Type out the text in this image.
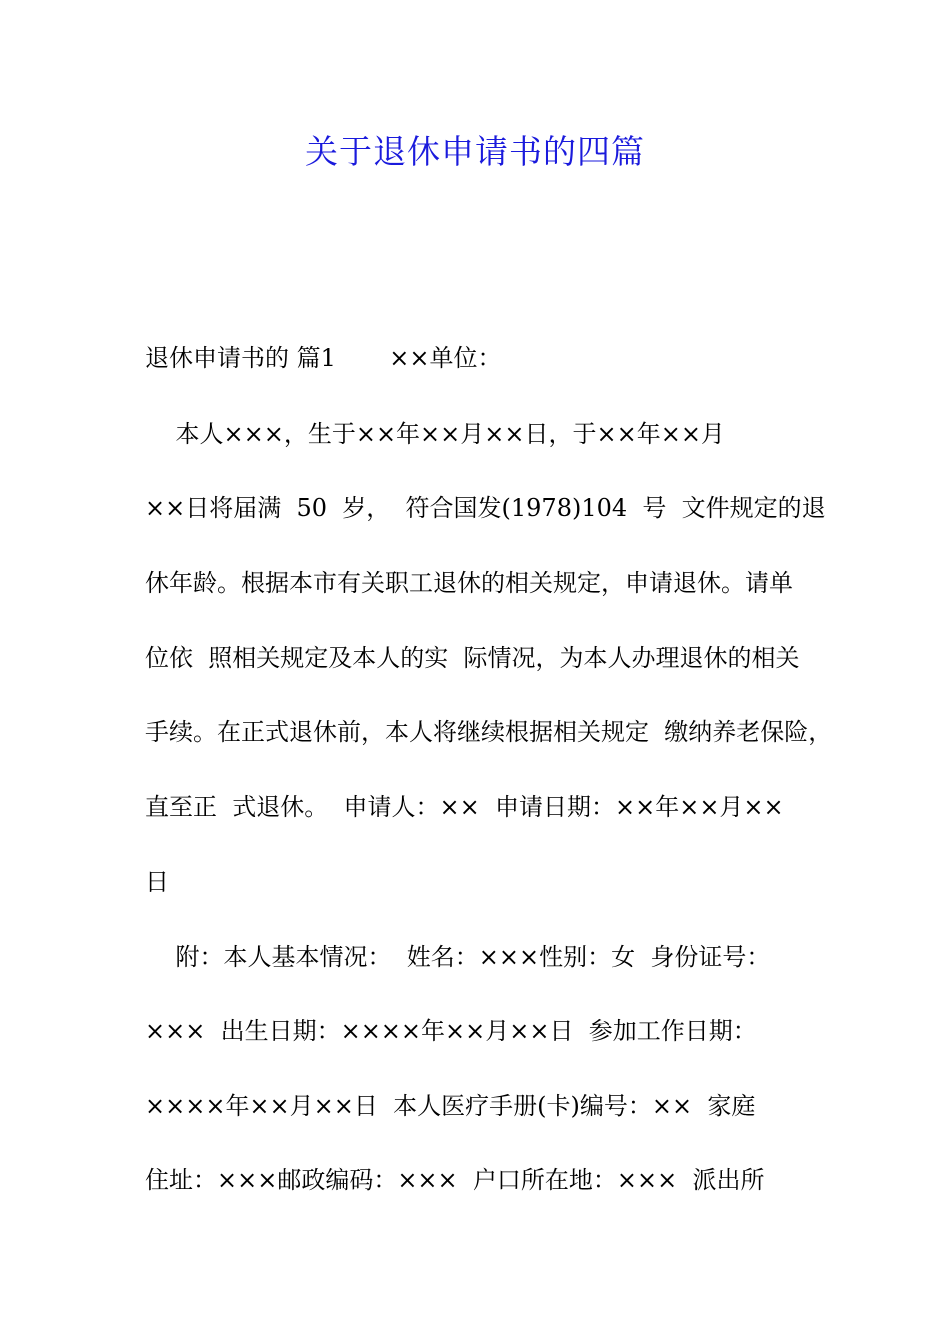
关于退休申请书的四篇

退休申请书的 篇1       ××单位：

本人×××，生于××年××月××日，于××年××月

××日将届满  50  岁，  符合国发(1978)104  号  文件规定的退

休年龄。根据本市有关职工退休的相关规定，申请退休。请单

位依  照相关规定及本人的实  际情况，为本人办理退休的相关

手续。在正式退休前，本人将继续根据相关规定  缴纳养老保险，

直至正  式退休。  申请人：××  申请日期：××年××月××

日

附：本人基本情况：  姓名：×××性别：女  身份证号：

×××  出生日期：××××年××月××日  参加工作日期：

××××年××月××日  本人医疗手册(卡)编号：××  家庭

住址：×××邮政编码：×××  户口所在地：×××  派出所
